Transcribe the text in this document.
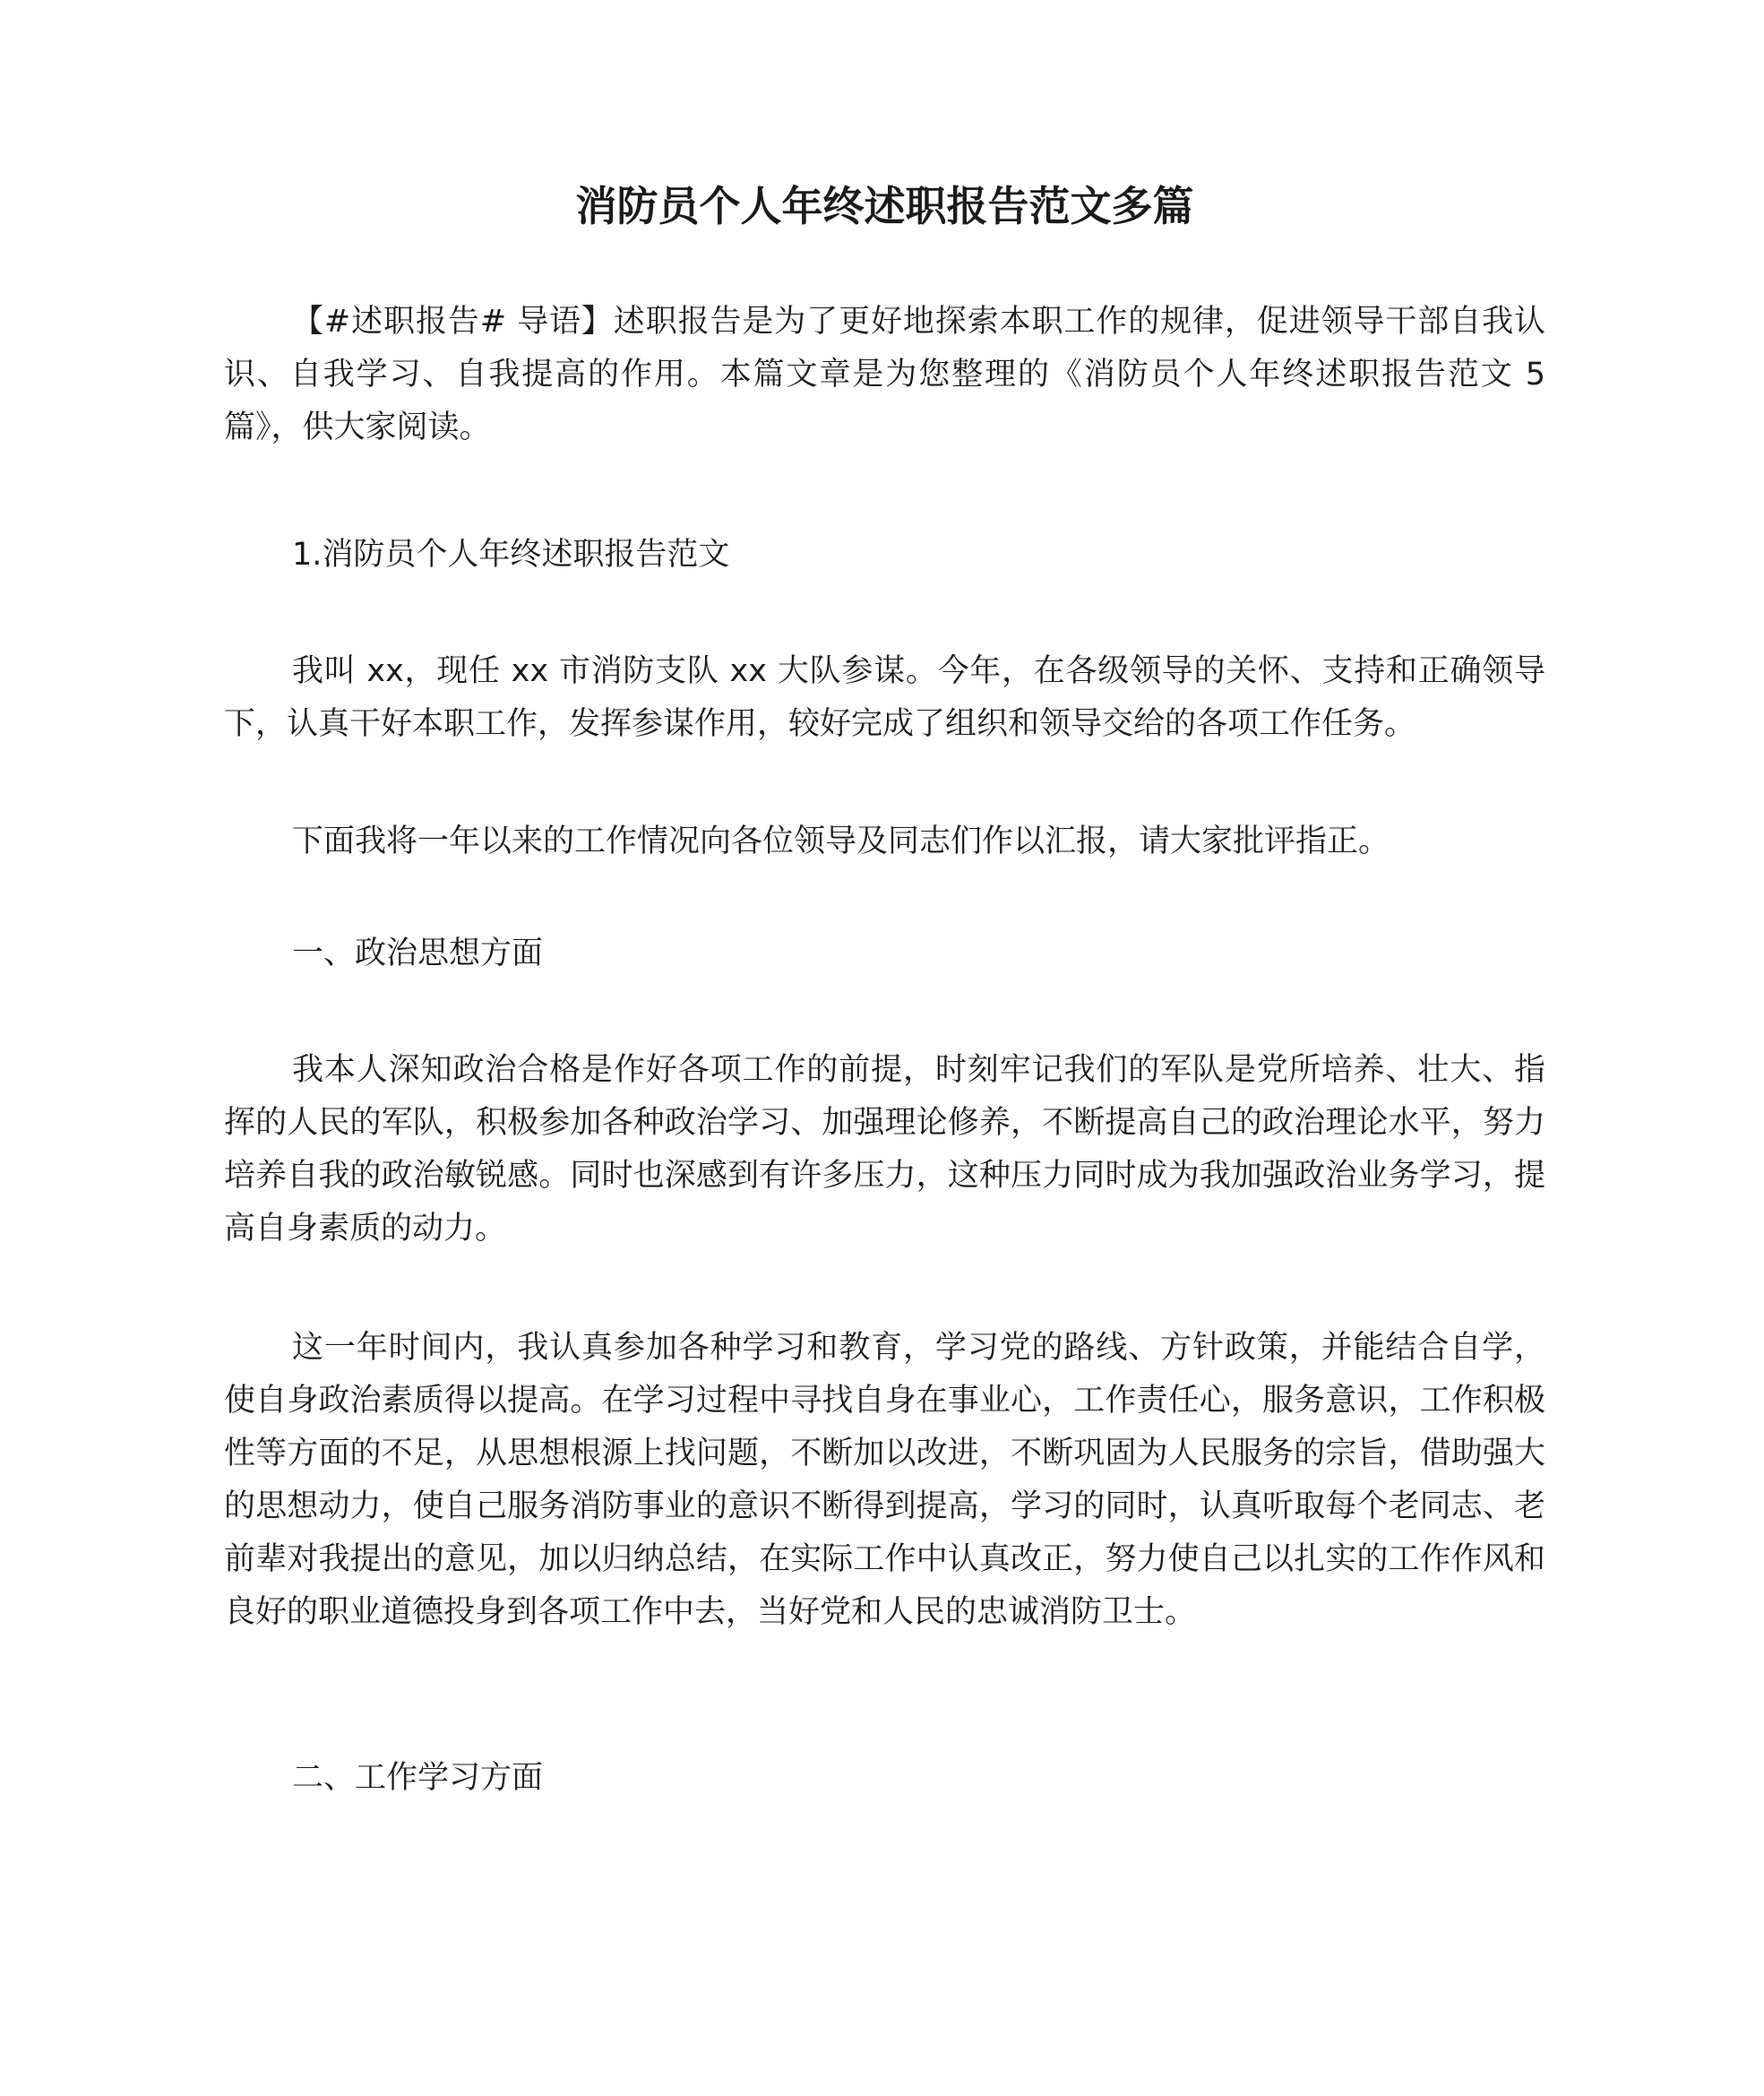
消防员个人年终述职报告范文多篇

【#述职报告# 导语】述职报告是为了更好地探索本职工作的规律，促进领导干部自我认识、自我学习、自我提高的作用。本篇文章是为您整理的《消防员个人年终述职报告范文 5 篇》，供大家阅读。

1.消防员个人年终述职报告范文

我叫 xx，现任 xx 市消防支队 xx 大队参谋。今年，在各级领导的关怀、支持和正确领导下，认真干好本职工作，发挥参谋作用，较好完成了组织和领导交给的各项工作任务。

下面我将一年以来的工作情况向各位领导及同志们作以汇报，请大家批评指正。

一、政治思想方面

我本人深知政治合格是作好各项工作的前提，时刻牢记我们的军队是党所培养、壮大、指挥的人民的军队，积极参加各种政治学习、加强理论修养，不断提高自己的政治理论水平，努力培养自我的政治敏锐感。同时也深感到有许多压力，这种压力同时成为我加强政治业务学习，提高自身素质的动力。

这一年时间内，我认真参加各种学习和教育，学习党的路线、方针政策，并能结合自学，使自身政治素质得以提高。在学习过程中寻找自身在事业心，工作责任心，服务意识，工作积极性等方面的不足，从思想根源上找问题，不断加以改进，不断巩固为人民服务的宗旨，借助强大的思想动力，使自己服务消防事业的意识不断得到提高，学习的同时，认真听取每个老同志、老前辈对我提出的意见，加以归纳总结，在实际工作中认真改正，努力使自己以扎实的工作作风和良好的职业道德投身到各项工作中去，当好党和人民的忠诚消防卫士。

二、工作学习方面
